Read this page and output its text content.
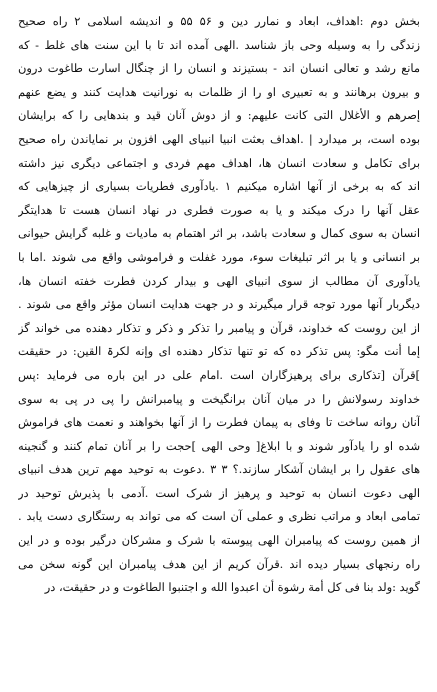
بخش دوم :اهداف، ابعاد و نمارر دین و ۵۶ ۵۵ و اندیشه اسلامی ۲ راه صحیح
زندگی را به وسیله وحی باز شناسد .الهی آمده اند تا با این سنت های غلط - که
مانع رشد و تعالی انسان اند - بستیزند و انسان را از چنگال اسارت طاغوت درون
و بیرون برهانند و به تعبیری او را از ظلمات به نورانیت هدایت کنند و یضع عنهم
إصرهم و الأغلال التی کانت علیهم: و از دوش آنان قید و بندهایی را که برایشان
بوده است، بر میدارد | .اهداف بعثت انبیا انبیای الهی افزون بر نمایاندن راه صحیح
برای تکامل و سعادت انسان ها، اهداف مهم فردی و اجتماعی دیگری نیز داشته
اند که به برخی از آنها اشاره میکنیم ۱ .یادآوری فطریات بسیاری از چیزهایی که
عقل آنها را درک میکند و یا به صورت فطری در نهاد انسان هست تا هدایتگر
انسان به سوی کمال و سعادت باشد، بر اثر اهتمام به مادیات و غلبه گرایش حیوانی
بر انسانی و یا بر اثر تبلیغات سوء، مورد غفلت و فراموشی واقع می شوند .اما با
یادآوری آن مطالب از سوی انبیای الهی و بیدار کردن فطرت خفته انسان ها،
دیگربار آنها مورد توجه قرار میگیرند و در جهت هدایت انسان مؤثر واقع می شوند .
از این روست که خداوند، قرآن و پیامبر را تذکر و ذکر و تذکار دهنده می خواند گز
إما أنت مگو: پس تذکر ده که تو تنها تذکار دهنده ای وإنه لکرۃ القین: در حقیقت
]قرآن [تذکاری برای پرهیزگاران است .امام علی در این باره می فرماید :پس
خداوند رسولانش را در میان آنان برانگیخت و پیامبرانش را پی در پی به سوی
آنان روانه ساخت تا وفای به پیمان فطرت را از آنها بخواهند و نعمت های فراموش
شده او را یادآور شوند و با ابلاغ[ وحی الهی ]حجت را بر آنان تمام کنند و گنجینه
های عقول را بر ایشان آشکار سازند.؟ ۳ ۳ .دعوت به توحید مهم ترین هدف انبیای
الهی دعوت انسان به توحید و پرهیز از شرک است .آدمی با پذیرش توحید در
تمامی ابعاد و مراتب نظری و عملی آن است که می تواند به رستگاری دست یابد .
از همین روست که پیامبران الهی پیوسته با شرک و مشرکان درگیر بوده و در این
راه رنجهای بسیار دیده اند .قرآن کریم از این هدف پیامبران این گونه سخن می
گوید :ولد بنا فی کل أمة رشوة أن اعبدوا الله و اجتنبوا الطاغوت و در حقیقت، در
